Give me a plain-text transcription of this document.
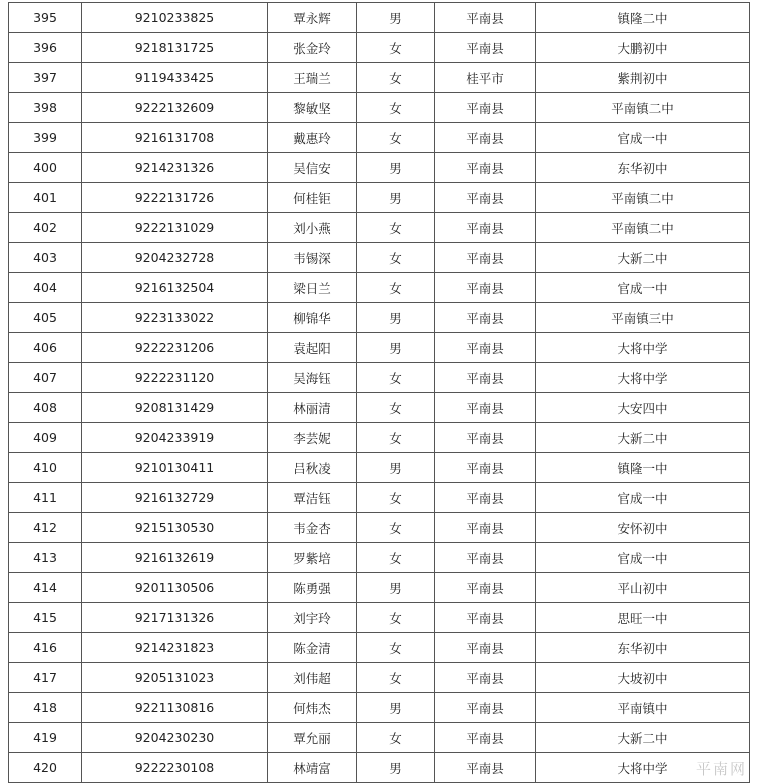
395	9210233825	覃永辉	男	平南县	镇隆二中
396	9218131725	张金玲	女	平南县	大鹏初中
397	9119433425	王瑞兰	女	桂平市	紫荆初中
398	9222132609	黎敏坚	女	平南县	平南镇二中
399	9216131708	戴惠玲	女	平南县	官成一中
400	9214231326	吴信安	男	平南县	东华初中
401	9222131726	何桂钜	男	平南县	平南镇二中
402	9222131029	刘小燕	女	平南县	平南镇二中
403	9204232728	韦锡深	女	平南县	大新二中
404	9216132504	梁日兰	女	平南县	官成一中
405	9223133022	柳锦华	男	平南县	平南镇三中
406	9222231206	袁起阳	男	平南县	大将中学
407	9222231120	吴海钰	女	平南县	大将中学
408	9208131429	林丽清	女	平南县	大安四中
409	9204233919	李芸妮	女	平南县	大新二中
410	9210130411	吕秋凌	男	平南县	镇隆一中
411	9216132729	覃洁钰	女	平南县	官成一中
412	9215130530	韦金杏	女	平南县	安怀初中
413	9216132619	罗紫培	女	平南县	官成一中
414	9201130506	陈勇强	男	平南县	平山初中
415	9217131326	刘宇玲	女	平南县	思旺一中
416	9214231823	陈金清	女	平南县	东华初中
417	9205131023	刘伟超	女	平南县	大坡初中
418	9221130816	何炜杰	男	平南县	平南镇中
419	9204230230	覃允丽	女	平南县	大新二中
420	9222230108	林靖富	男	平南县	大将中学 平南网
